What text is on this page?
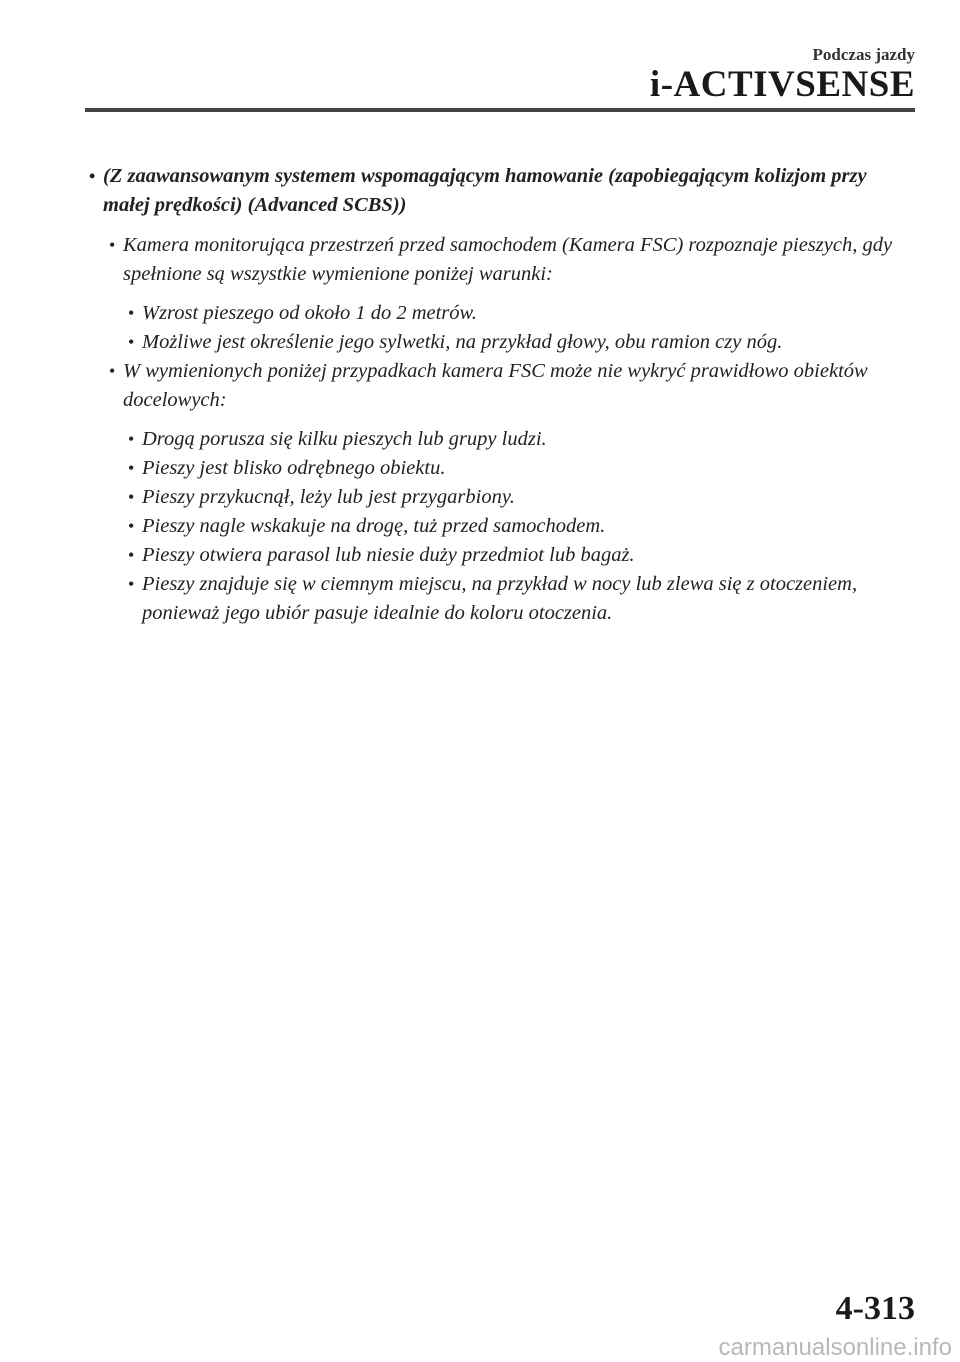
Podczas jazdy
i-ACTIVSENSE
• (Z zaawansowanym systemem wspomagającym hamowanie (zapobiegającym kolizjom przy małej prędkości) (Advanced SCBS))
• Kamera monitorująca przestrzeń przed samochodem (Kamera FSC) rozpoznaje pieszych, gdy spełnione są wszystkie wymienione poniżej warunki:
• Wzrost pieszego od około 1 do 2 metrów.
• Możliwe jest określenie jego sylwetki, na przykład głowy, obu ramion czy nóg.
• W wymienionych poniżej przypadkach kamera FSC może nie wykryć prawidłowo obiektów docelowych:
• Drogą porusza się kilku pieszych lub grupy ludzi.
• Pieszy jest blisko odrębnego obiektu.
• Pieszy przykucnął, leży lub jest przygarbiony.
• Pieszy nagle wskakuje na drogę, tuż przed samochodem.
• Pieszy otwiera parasol lub niesie duży przedmiot lub bagaż.
• Pieszy znajduje się w ciemnym miejscu, na przykład w nocy lub zlewa się z otoczeniem, ponieważ jego ubiór pasuje idealnie do koloru otoczenia.
4-313
carmanualsonline.info
